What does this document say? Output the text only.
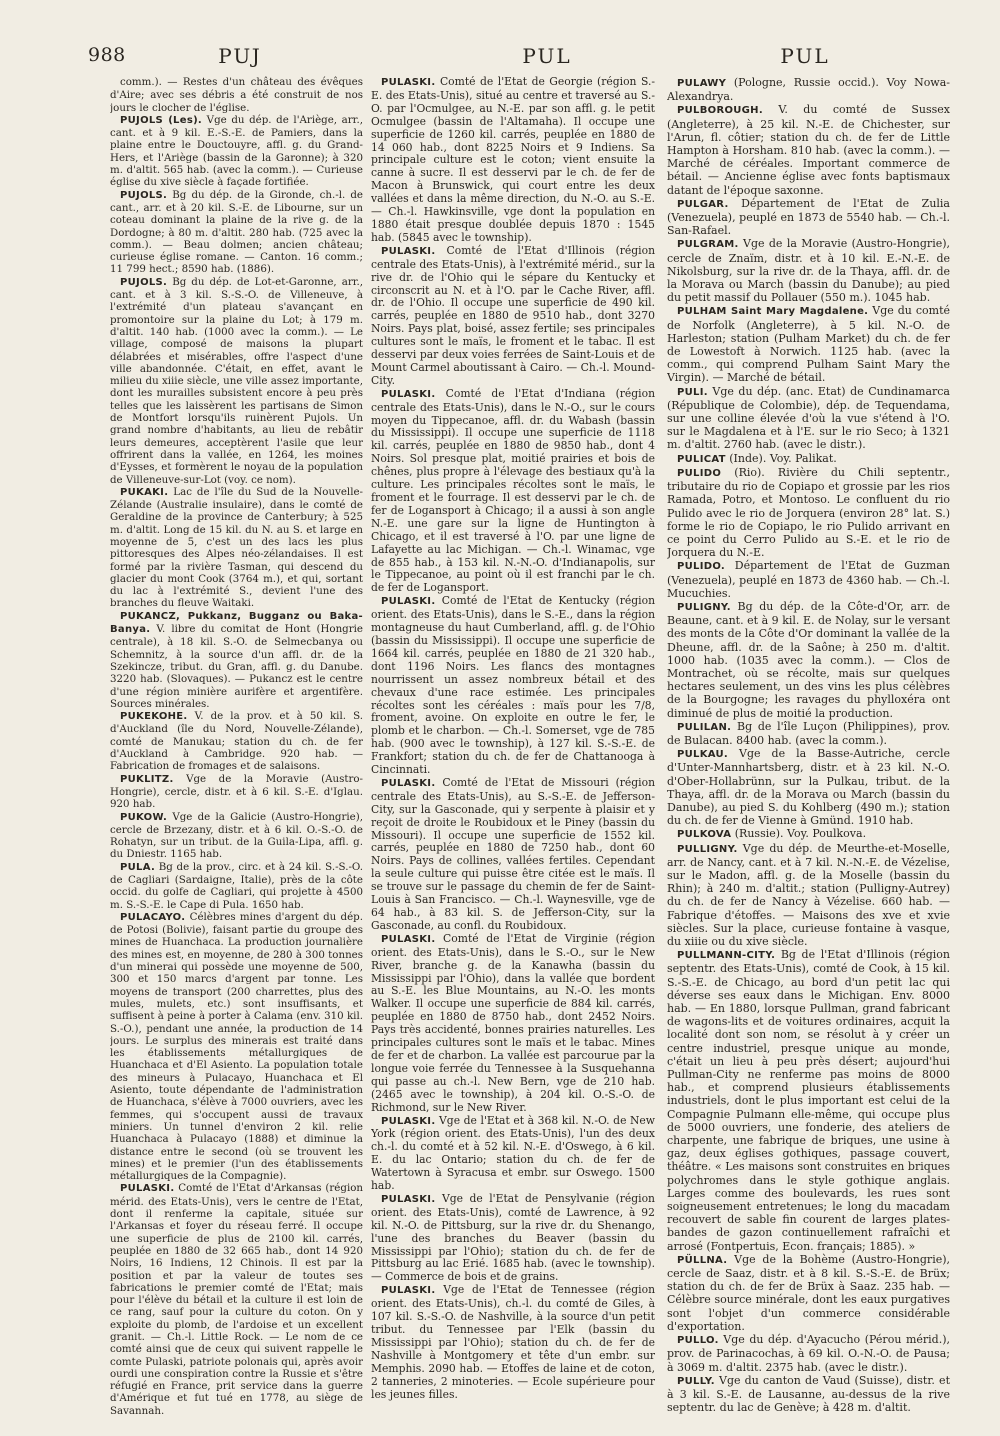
988	PUJ	PUL	PUL

comm.). — Restes d'un château des évêques d'Aire; avec ses débris a été construit de nos jours le clocher de l'église.

PUJOLS (Les). Vge du dép. de l'Ariège, arr., cant. et à 9 kil. E.-S.-E. de Pamiers, dans la plaine entre le Douctouyre, affl. g. du Grand-Hers, et l'Ariège (bassin de la Garonne); à 320 m. d'altit. 565 hab. (avec la comm.). — Curieuse église du xive siècle à façade fortifiée.

PUJOLS. Bg du dép. de la Gironde, ch.-l. de cant., arr. et à 20 kil. S.-E. de Libourne, sur un coteau dominant la plaine de la rive g. de la Dordogne; à 80 m. d'altit. 280 hab. (725 avec la comm.). — Beau dolmen; ancien château; curieuse église romane. — Canton. 16 comm.; 11 799 hect.; 8590 hab. (1886).

PUJOLS. Bg du dép. de Lot-et-Garonne, arr., cant. et à 3 kil. S.-S.-O. de Villeneuve, à l'extrémité d'un plateau s'avançant en promontoire sur la plaine du Lot; à 179 m. d'altit. 140 hab. (1000 avec la comm.). — Le village, composé de maisons la plupart délabrées et misérables, offre l'aspect d'une ville abandonnée. C'était, en effet, avant le milieu du xiiie siècle, une ville assez importante, dont les murailles subsistent encore à peu près telles que les laissèrent les partisans de Simon de Montfort lorsqu'ils ruinèrent Pujols. Un grand nombre d'habitants, au lieu de rebâtir leurs demeures, acceptèrent l'asile que leur offrirent dans la vallée, en 1264, les moines d'Eysses, et formèrent le noyau de la population de Villeneuve-sur-Lot (voy. ce nom).

PUKAKI. Lac de l'île du Sud de la Nouvelle-Zélande (Australie insulaire), dans le comté de Geraldine de la province de Canterbury; à 525 m. d'altit. Long de 15 kil. du N. au S. et large en moyenne de 5, c'est un des lacs les plus pittoresques des Alpes néo-zélandaises. Il est formé par la rivière Tasman, qui descend du glacier du mont Cook (3764 m.), et qui, sortant du lac à l'extrémité S., devient l'une des branches du fleuve Waitaki.

PUKANCZ, Pukkanz, Bugganz ou Baka-Banya. V. libre du comitat de Hont (Hongrie centrale), à 18 kil. S.-O. de Selmecbanya ou Schemnitz, à la source d'un affl. dr. de la Szekincze, tribut. du Gran, affl. g. du Danube. 3220 hab. (Slovaques). — Pukancz est le centre d'une région minière aurifère et argentifère. Sources minérales.

PUKEKOHE. V. de la prov. et à 50 kil. S. d'Auckland (île du Nord, Nouvelle-Zélande), comté de Manukau; station du ch. de fer d'Auckland à Cambridge. 920 hab. — Fabrication de fromages et de salaisons.

PUKLITZ. Vge de la Moravie (Austro-Hongrie), cercle, distr. et à 6 kil. S.-E. d'Iglau. 920 hab.

PUKOW. Vge de la Galicie (Austro-Hongrie), cercle de Brzezany, distr. et à 6 kil. O.-S.-O. de Rohatyn, sur un tribut. de la Guila-Lipa, affl. g. du Dniestr. 1165 hab.

PULA. Bg de la prov., circ. et à 24 kil. S.-S.-O. de Cagliari (Sardaigne, Italie), près de la côte occid. du golfe de Cagliari, qui projette à 4500 m. S.-S.-E. le Cape di Pula. 1650 hab.

PULACAYO. Célèbres mines d'argent du dép. de Potosi (Bolivie), faisant partie du groupe des mines de Huanchaca. La production journalière des mines est, en moyenne, de 280 à 300 tonnes d'un minerai qui possède une moyenne de 500, 300 et 150 marcs d'argent par tonne. Les moyens de transport (200 charrettes, plus des mules, mulets, etc.) sont insuffisants, et suffisent à peine à porter à Calama (env. 310 kil. S.-O.), pendant une année, la production de 14 jours. Le surplus des minerais est traité dans les établissements métallurgiques de Huanchaca et d'El Asiento. La population totale des mineurs à Pulacayo, Huanchaca et El Asiento, toute dépendante de l'administration de Huanchaca, s'élève à 7000 ouvriers, avec les femmes, qui s'occupent aussi de travaux miniers. Un tunnel d'environ 2 kil. relie Huanchaca à Pulacayo (1888) et diminue la distance entre le second (où se trouvent les mines) et le premier (l'un des établissements métallurgiques de la Compagnie).

PULASKI. Comté de l'Etat d'Arkansas (région mérid. des Etats-Unis), vers le centre de l'Etat, dont il renferme la capitale, située sur l'Arkansas et foyer du réseau ferré. Il occupe une superficie de plus de 2100 kil. carrés, peuplée en 1880 de 32 665 hab., dont 14 920 Noirs, 16 Indiens, 12 Chinois. Il est par la position et par la valeur de toutes ses fabrications le premier comté de l'Etat; mais pour l'élève du bétail et la culture il est loin de ce rang, sauf pour la culture du coton. On y exploite du plomb, de l'ardoise et un excellent granit. — Ch.-l. Little Rock. — Le nom de ce comté ainsi que de ceux qui suivent rappelle le comte Pulaski, patriote polonais qui, après avoir ourdi une conspiration contre la Russie et s'être réfugié en France, prit service dans la guerre d'Amérique et fut tué en 1778, au siège de Savannah.

PULASKI. Comté de l'Etat de Georgie (région S.-E. des Etats-Unis), situé au centre et traversé au S.-O. par l'Ocmulgee, au N.-E. par son affl. g. le petit Ocmulgee (bassin de l'Altamaha). Il occupe une superficie de 1260 kil. carrés, peuplée en 1880 de 14 060 hab., dont 8225 Noirs et 9 Indiens. Sa principale culture est le coton; vient ensuite la canne à sucre. Il est desservi par le ch. de fer de Macon à Brunswick, qui court entre les deux vallées et dans la même direction, du N.-O. au S.-E. — Ch.-l. Hawkinsville, vge dont la population en 1880 était presque doublée depuis 1870 : 1545 hab. (5845 avec le township).

PULASKI. Comté de l'Etat d'Illinois (région centrale des Etats-Unis), à l'extrémité mérid., sur la rive dr. de l'Ohio qui le sépare du Kentucky et circonscrit au N. et à l'O. par le Cache River, affl. dr. de l'Ohio. Il occupe une superficie de 490 kil. carrés, peuplée en 1880 de 9510 hab., dont 3270 Noirs. Pays plat, boisé, assez fertile; ses principales cultures sont le maïs, le froment et le tabac. Il est desservi par deux voies ferrées de Saint-Louis et de Mount Carmel aboutissant à Cairo. — Ch.-l. Mound-City.

PULASKI. Comté de l'Etat d'Indiana (région centrale des Etats-Unis), dans le N.-O., sur le cours moyen du Tippecanoe, affl. dr. du Wabash (bassin du Mississippi). Il occupe une superficie de 1118 kil. carrés, peuplée en 1880 de 9850 hab., dont 4 Noirs. Sol presque plat, moitié prairies et bois de chênes, plus propre à l'élevage des bestiaux qu'à la culture. Les principales récoltes sont le maïs, le froment et le fourrage. Il est desservi par le ch. de fer de Logansport à Chicago; il a aussi à son angle N.-E. une gare sur la ligne de Huntington à Chicago, et il est traversé à l'O. par une ligne de Lafayette au lac Michigan. — Ch.-l. Winamac, vge de 855 hab., à 153 kil. N.-N.-O. d'Indianapolis, sur le Tippecanoe, au point où il est franchi par le ch. de fer de Logansport.

PULASKI. Comté de l'Etat de Kentucky (région orient. des Etats-Unis), dans le S.-E., dans la région montagneuse du haut Cumberland, affl. g. de l'Ohio (bassin du Mississippi). Il occupe une superficie de 1664 kil. carrés, peuplée en 1880 de 21 320 hab., dont 1196 Noirs. Les flancs des montagnes nourrissent un assez nombreux bétail et des chevaux d'une race estimée. Les principales récoltes sont les céréales : maïs pour les 7/8, froment, avoine. On exploite en outre le fer, le plomb et le charbon. — Ch.-l. Somerset, vge de 785 hab. (900 avec le township), à 127 kil. S.-S.-E. de Frankfort; station du ch. de fer de Chattanooga à Cincinnati.

PULASKI. Comté de l'Etat de Missouri (région centrale des Etats-Unis), au S.-S.-E. de Jefferson-City, sur la Gasconade, qui y serpente à plaisir et y reçoit de droite le Roubidoux et le Piney (bassin du Missouri). Il occupe une superficie de 1552 kil. carrés, peuplée en 1880 de 7250 hab., dont 60 Noirs. Pays de collines, vallées fertiles. Cependant la seule culture qui puisse être citée est le maïs. Il se trouve sur le passage du chemin de fer de Saint-Louis à San Francisco. — Ch.-l. Waynesville, vge de 64 hab., à 83 kil. S. de Jefferson-City, sur la Gasconade, au confl. du Roubidoux.

PULASKI. Comté de l'Etat de Virginie (région orient. des Etats-Unis), dans le S.-O., sur le New River, branche g. de la Kanawha (bassin du Mississippi par l'Ohio), dans la vallée que bordent au S.-E. les Blue Mountains, au N.-O. les monts Walker. Il occupe une superficie de 884 kil. carrés, peuplée en 1880 de 8750 hab., dont 2452 Noirs. Pays très accidenté, bonnes prairies naturelles. Les principales cultures sont le maïs et le tabac. Mines de fer et de charbon. La vallée est parcourue par la longue voie ferrée du Tennessee à la Susquehanna qui passe au ch.-l. New Bern, vge de 210 hab. (2465 avec le township), à 204 kil. O.-S.-O. de Richmond, sur le New River.

PULASKI. Vge de l'Etat et à 368 kil. N.-O. de New York (région orient. des Etats-Unis), l'un des deux ch.-l. du comté et à 52 kil. N.-E. d'Oswego, à 6 kil. E. du lac Ontario; station du ch. de fer de Watertown à Syracusa et embr. sur Oswego. 1500 hab.

PULASKI. Vge de l'Etat de Pensylvanie (région orient. des Etats-Unis), comté de Lawrence, à 92 kil. N.-O. de Pittsburg, sur la rive dr. du Shenango, l'une des branches du Beaver (bassin du Mississippi par l'Ohio); station du ch. de fer de Pittsburg au lac Erié. 1685 hab. (avec le township). — Commerce de bois et de grains.

PULASKI. Vge de l'Etat de Tennessee (région orient. des Etats-Unis), ch.-l. du comté de Giles, à 107 kil. S.-S.-O. de Nashville, à la source d'un petit tribut. du Tennessee par l'Elk (bassin du Mississippi par l'Ohio); station du ch. de fer de Nashville à Montgomery et tête d'un embr. sur Memphis. 2090 hab. — Etoffes de laine et de coton, 2 tanneries, 2 minoteries. — Ecole supérieure pour les jeunes filles.

PULAWY (Pologne, Russie occid.). Voy Nowa-Alexandrya.

PULBOROUGH. V. du comté de Sussex (Angleterre), à 25 kil. N.-E. de Chichester, sur l'Arun, fl. côtier; station du ch. de fer de Little Hampton à Horsham. 810 hab. (avec la comm.). — Marché de céréales. Important commerce de bétail. — Ancienne église avec fonts baptismaux datant de l'époque saxonne.

PULGAR. Département de l'Etat de Zulia (Venezuela), peuplé en 1873 de 5540 hab. — Ch.-l. San-Rafael.

PULGRAM. Vge de la Moravie (Austro-Hongrie), cercle de Znaïm, distr. et à 10 kil. E.-N.-E. de Nikolsburg, sur la rive dr. de la Thaya, affl. dr. de la Morava ou March (bassin du Danube); au pied du petit massif du Pollauer (550 m.). 1045 hab.

PULHAM Saint Mary Magdalene. Vge du comté de Norfolk (Angleterre), à 5 kil. N.-O. de Harleston; station (Pulham Market) du ch. de fer de Lowestoft à Norwich. 1125 hab. (avec la comm., qui comprend Pulham Saint Mary the Virgin). — Marché de bétail.

PULI. Vge du dép. (anc. Etat) de Cundinamarca (République de Colombie), dép. de Tequendama, sur une colline élevée d'où la vue s'étend à l'O. sur le Magdalena et à l'E. sur le rio Seco; à 1321 m. d'altit. 2760 hab. (avec le distr.).

PULICAT (Inde). Voy. Palikat.

PULIDO (Rio). Rivière du Chili septentr., tributaire du rio de Copiapo et grossie par les rios Ramada, Potro, et Montoso. Le confluent du rio Pulido avec le rio de Jorquera (environ 28° lat. S.) forme le rio de Copiapo, le rio Pulido arrivant en ce point du Cerro Pulido au S.-E. et le rio de Jorquera du N.-E.

PULIDO. Département de l'Etat de Guzman (Venezuela), peuplé en 1873 de 4360 hab. — Ch.-l. Mucuchies.

PULIGNY. Bg du dép. de la Côte-d'Or, arr. de Beaune, cant. et à 9 kil. E. de Nolay, sur le versant des monts de la Côte d'Or dominant la vallée de la Dheune, affl. dr. de la Saône; à 250 m. d'altit. 1000 hab. (1035 avec la comm.). — Clos de Montrachet, où se récolte, mais sur quelques hectares seulement, un des vins les plus célèbres de la Bourgogne; les ravages du phylloxéra ont diminué de plus de moitié la production.

PULILAN. Bg de l'île Luçon (Philippines), prov. de Bulacan. 8400 hab. (avec la comm.).

PULKAU. Vge de la Basse-Autriche, cercle d'Unter-Mannhartsberg, distr. et à 23 kil. N.-O. d'Ober-Hollabrünn, sur la Pulkau, tribut. de la Thaya, affl. dr. de la Morava ou March (bassin du Danube), au pied S. du Kohlberg (490 m.); station du ch. de fer de Vienne à Gmünd. 1910 hab.

PULKOVA (Russie). Voy. Poulkova.

PULLIGNY. Vge du dép. de Meurthe-et-Moselle, arr. de Nancy, cant. et à 7 kil. N.-N.-E. de Vézelise, sur le Madon, affl. g. de la Moselle (bassin du Rhin); à 240 m. d'altit.; station (Pulligny-Autrey) du ch. de fer de Nancy à Vézelise. 660 hab. — Fabrique d'étoffes. — Maisons des xve et xvie siècles. Sur la place, curieuse fontaine à vasque, du xiiie ou du xive siècle.

PULLMANN-CITY. Bg de l'Etat d'Illinois (région septentr. des Etats-Unis), comté de Cook, à 15 kil. S.-S.-E. de Chicago, au bord d'un petit lac qui déverse ses eaux dans le Michigan. Env. 8000 hab. — En 1880, lorsque Pullman, grand fabricant de wagons-lits et de voitures ordinaires, acquit la localité dont son nom, se résolut à y créer un centre industriel, presque unique au monde, c'était un lieu à peu près désert; aujourd'hui Pullman-City ne renferme pas moins de 8000 hab., et comprend plusieurs établissements industriels, dont le plus important est celui de la Compagnie Pulmann elle-même, qui occupe plus de 5000 ouvriers, une fonderie, des ateliers de charpente, une fabrique de briques, une usine à gaz, deux églises gothiques, passage couvert, théâtre. « Les maisons sont construites en briques polychromes dans le style gothique anglais. Larges comme des boulevards, les rues sont soigneusement entretenues; le long du macadam recouvert de sable fin courent de larges plates-bandes de gazon continuellement rafraîchi et arrosé (Fontpertuis, Econ. français; 1885). »

PÜLLNA. Vge de la Bohème (Austro-Hongrie), cercle de Saaz, distr. et à 8 kil. S.-S.-E. de Brüx; station du ch. de fer de Brüx à Saaz. 235 hab. — Célèbre source minérale, dont les eaux purgatives sont l'objet d'un commerce considérable d'exportation.

PULLO. Vge du dép. d'Ayacucho (Pérou mérid.), prov. de Parinacochas, à 69 kil. O.-N.-O. de Pausa; à 3069 m. d'altit. 2375 hab. (avec le distr.).

PULLY. Vge du canton de Vaud (Suisse), distr. et à 3 kil. S.-E. de Lausanne, au-dessus de la rive septentr. du lac de Genève; à 428 m. d'altit.
